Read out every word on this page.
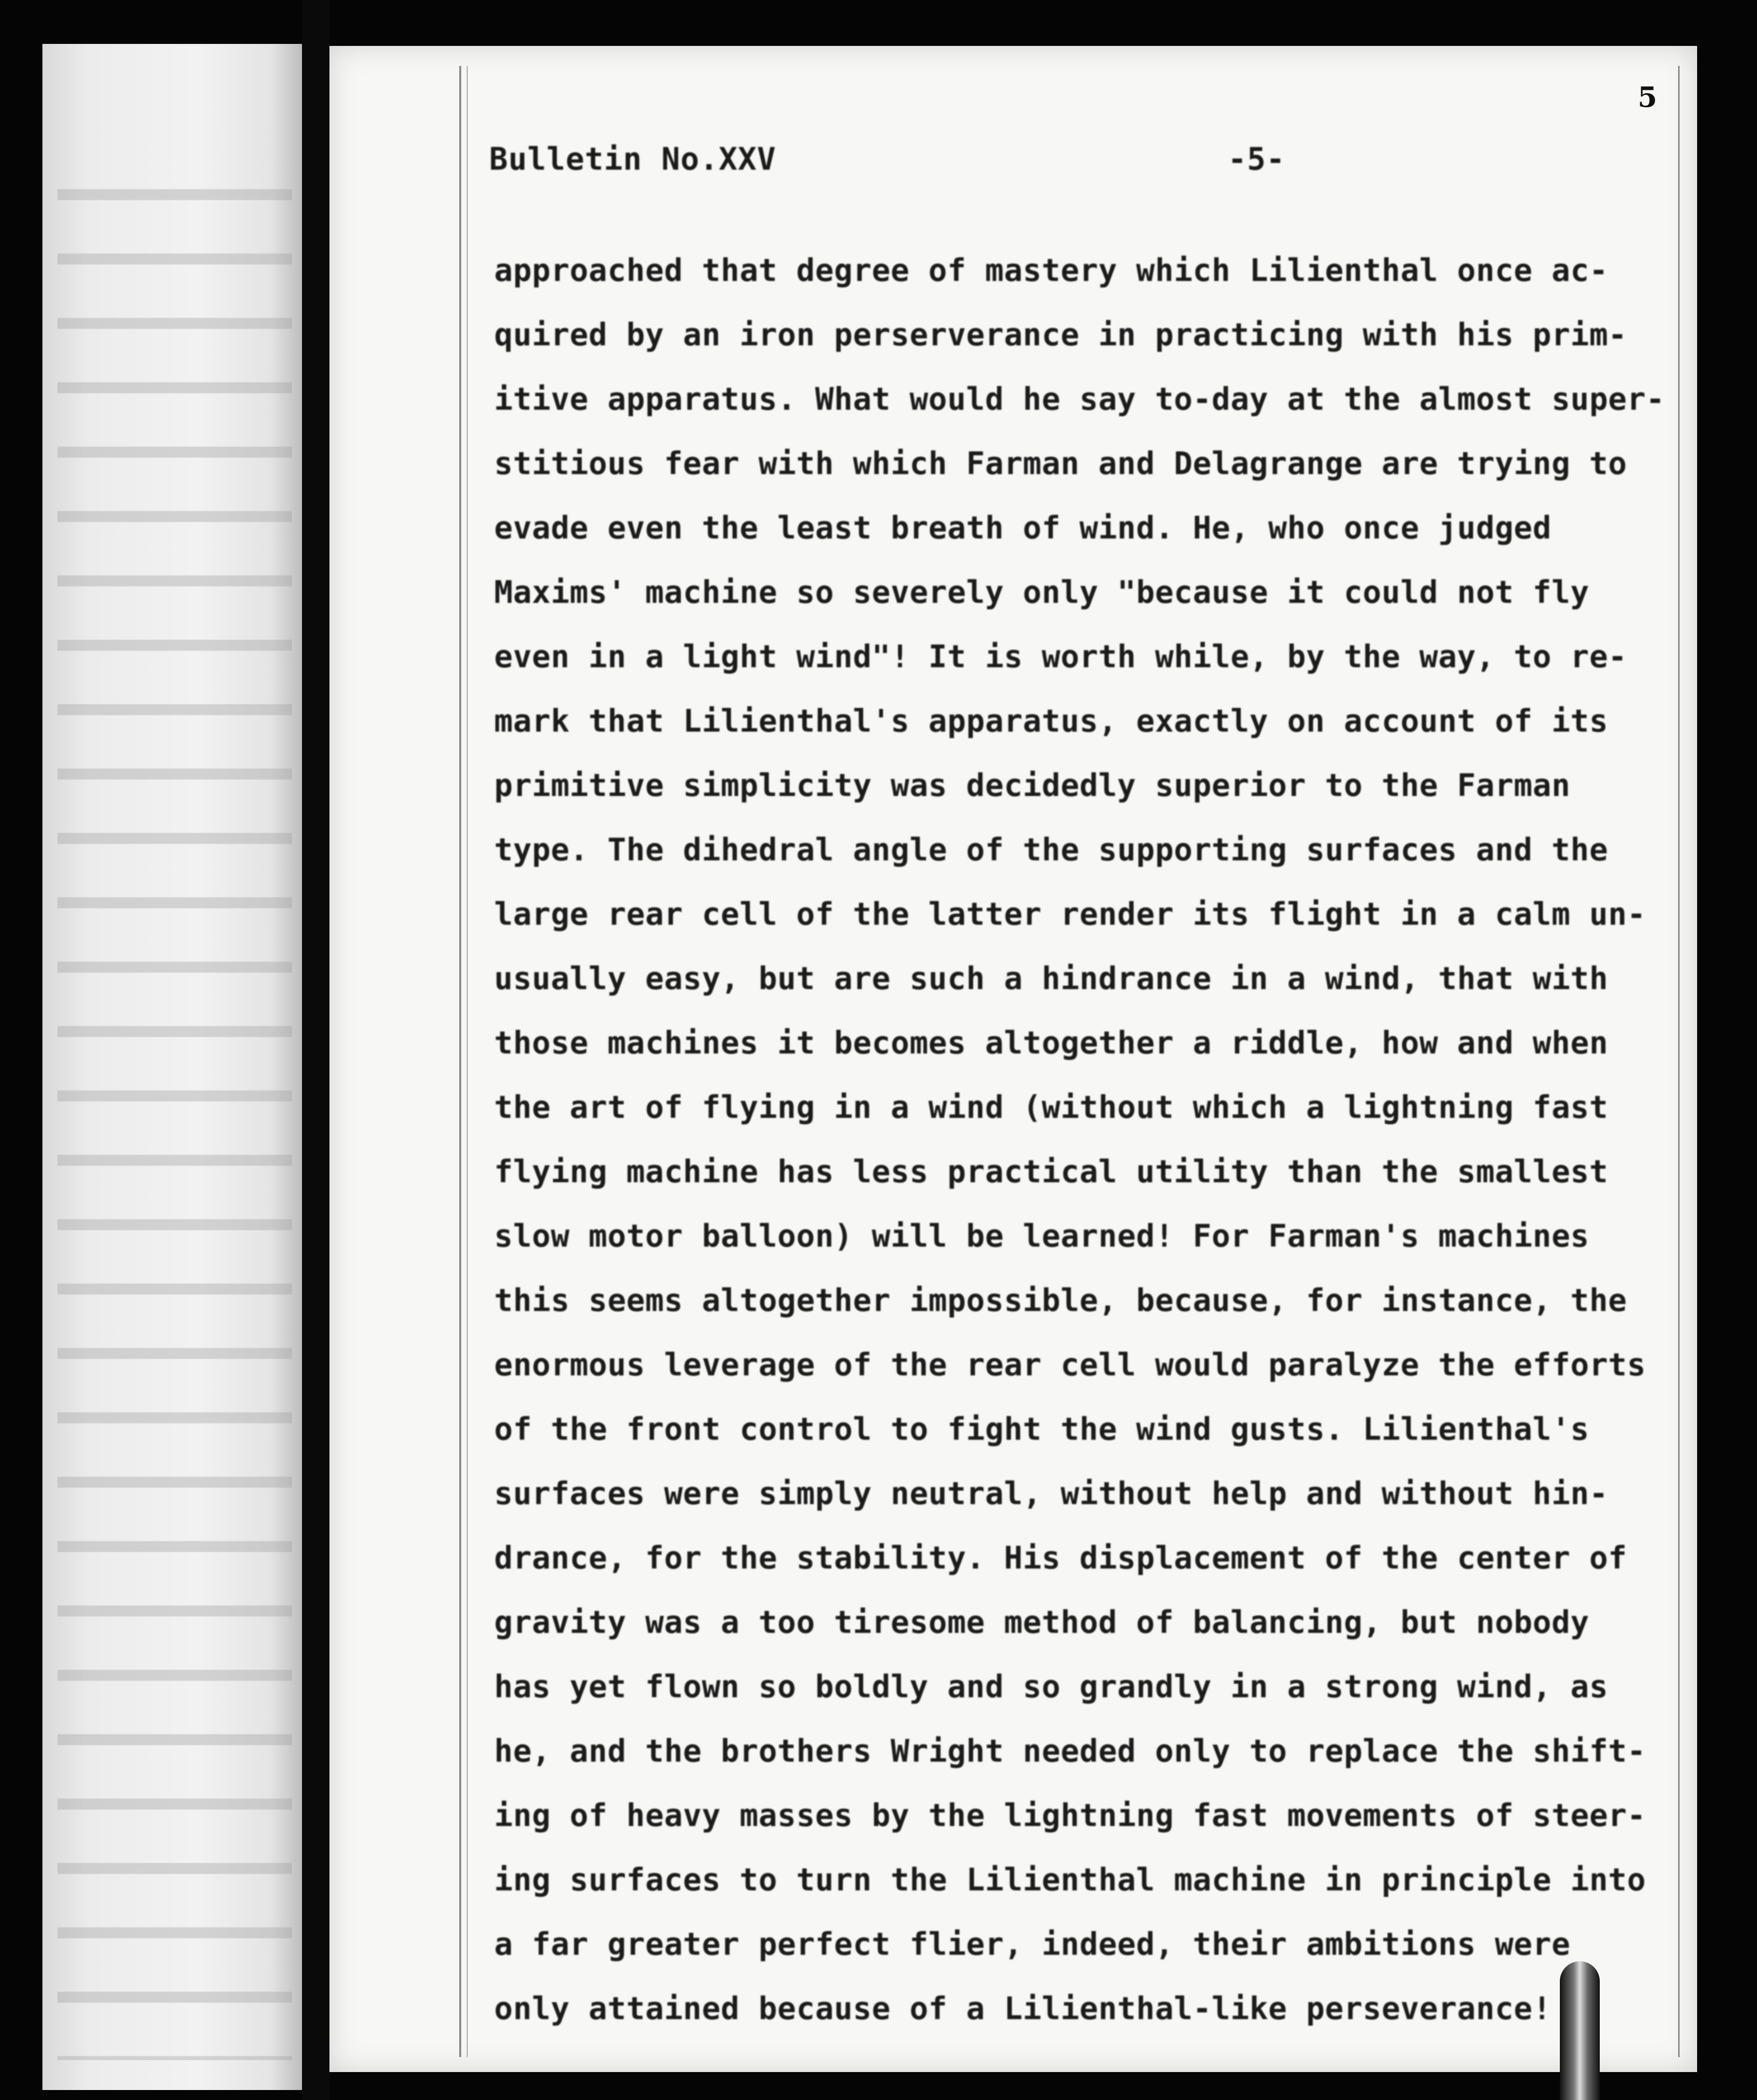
5
Bulletin No.XXV	-5-
approached that degree of mastery which Lilienthal once ac-
quired by an iron perserverance in practicing with his prim-
itive apparatus. What would he say to-day at the almost super-
stitious fear with which Farman and Delagrange are trying to
evade even the least breath of wind. He, who once judged
Maxims' machine so severely only "because it could not fly
even in a light wind"! It is worth while, by the way, to re-
mark that Lilienthal's apparatus, exactly on account of its
primitive simplicity was decidedly superior to the Farman
type. The dihedral angle of the supporting surfaces and the
large rear cell of the latter render its flight in a calm un-
usually easy, but are such a hindrance in a wind, that with
those machines it becomes altogether a riddle, how and when
the art of flying in a wind (without which a lightning fast
flying machine has less practical utility than the smallest
slow motor balloon) will be learned! For Farman's machines
this seems altogether impossible, because, for instance, the
enormous leverage of the rear cell would paralyze the efforts
of the front control to fight the wind gusts. Lilienthal's
surfaces were simply neutral, without help and without hin-
drance, for the stability. His displacement of the center of
gravity was a too tiresome method of balancing, but nobody
has yet flown so boldly and so grandly in a strong wind, as
he, and the brothers Wright needed only to replace the shift-
ing of heavy masses by the lightning fast movements of steer-
ing surfaces to turn the Lilienthal machine in principle into
a far greater perfect flier, indeed, their ambitions were
only attained because of a Lilienthal-like perseverance!
